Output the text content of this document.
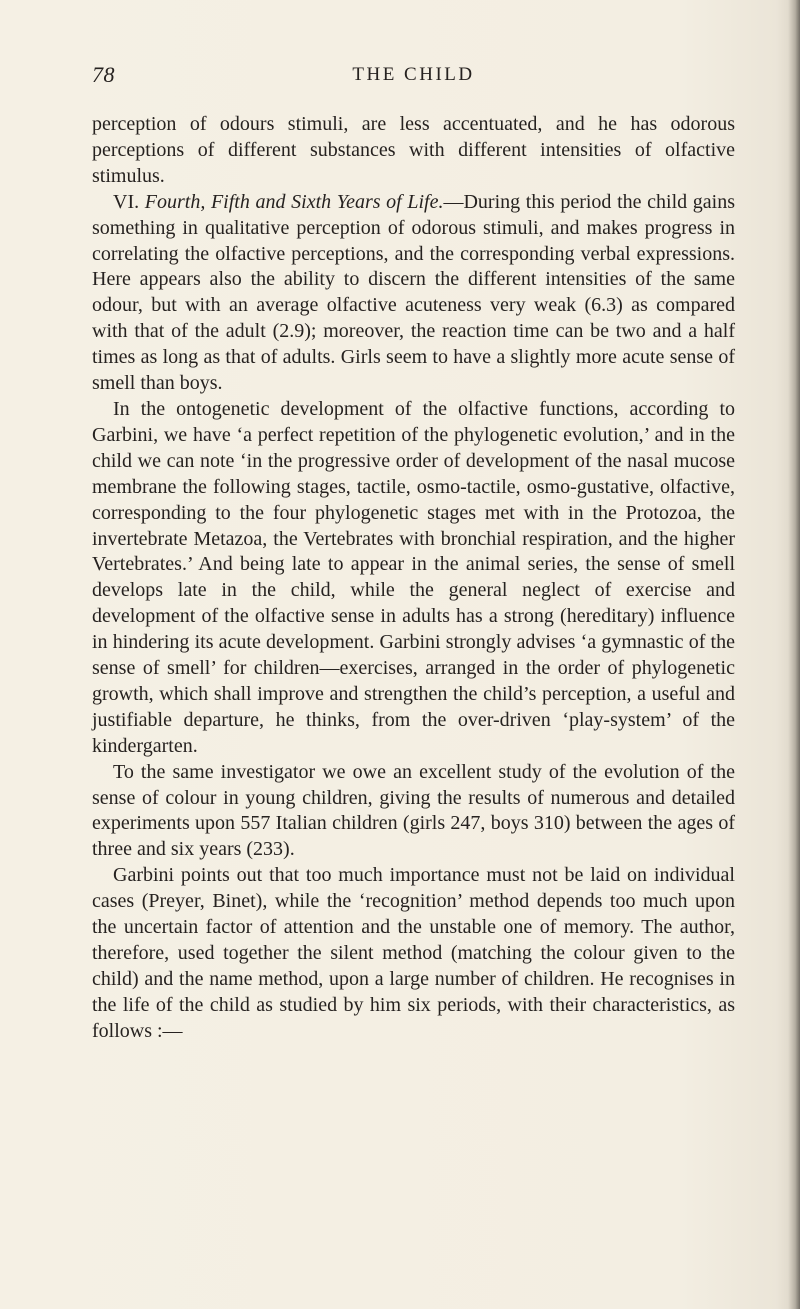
78	THE CHILD

perception of odours stimuli, are less accentuated, and he has odorous perceptions of different substances with different intensities of olfactive stimulus.

VI. Fourth, Fifth and Sixth Years of Life.—During this period the child gains something in qualitative perception of odorous stimuli, and makes progress in correlating the olfactive perceptions, and the corresponding verbal expressions. Here appears also the ability to discern the different intensities of the same odour, but with an average olfactive acuteness very weak (6.3) as compared with that of the adult (2.9); moreover, the reaction time can be two and a half times as long as that of adults. Girls seem to have a slightly more acute sense of smell than boys.

In the ontogenetic development of the olfactive functions, according to Garbini, we have ‘a perfect repetition of the phylogenetic evolution,’ and in the child we can note ‘in the progressive order of development of the nasal mucose membrane the following stages, tactile, osmo-tactile, osmo-gustative, olfactive, corresponding to the four phylogenetic stages met with in the Protozoa, the invertebrate Metazoa, the Vertebrates with bronchial respiration, and the higher Vertebrates.’ And being late to appear in the animal series, the sense of smell develops late in the child, while the general neglect of exercise and development of the olfactive sense in adults has a strong (hereditary) influence in hindering its acute development. Garbini strongly advises ‘a gymnastic of the sense of smell’ for children—exercises, arranged in the order of phylogenetic growth, which shall improve and strengthen the child’s perception, a useful and justifiable departure, he thinks, from the over-driven ‘play-system’ of the kindergarten.

To the same investigator we owe an excellent study of the evolution of the sense of colour in young children, giving the results of numerous and detailed experiments upon 557 Italian children (girls 247, boys 310) between the ages of three and six years (233).

Garbini points out that too much importance must not be laid on individual cases (Preyer, Binet), while the ‘recognition’ method depends too much upon the uncertain factor of attention and the unstable one of memory. The author, therefore, used together the silent method (matching the colour given to the child) and the name method, upon a large number of children. He recognises in the life of the child as studied by him six periods, with their characteristics, as follows :—
